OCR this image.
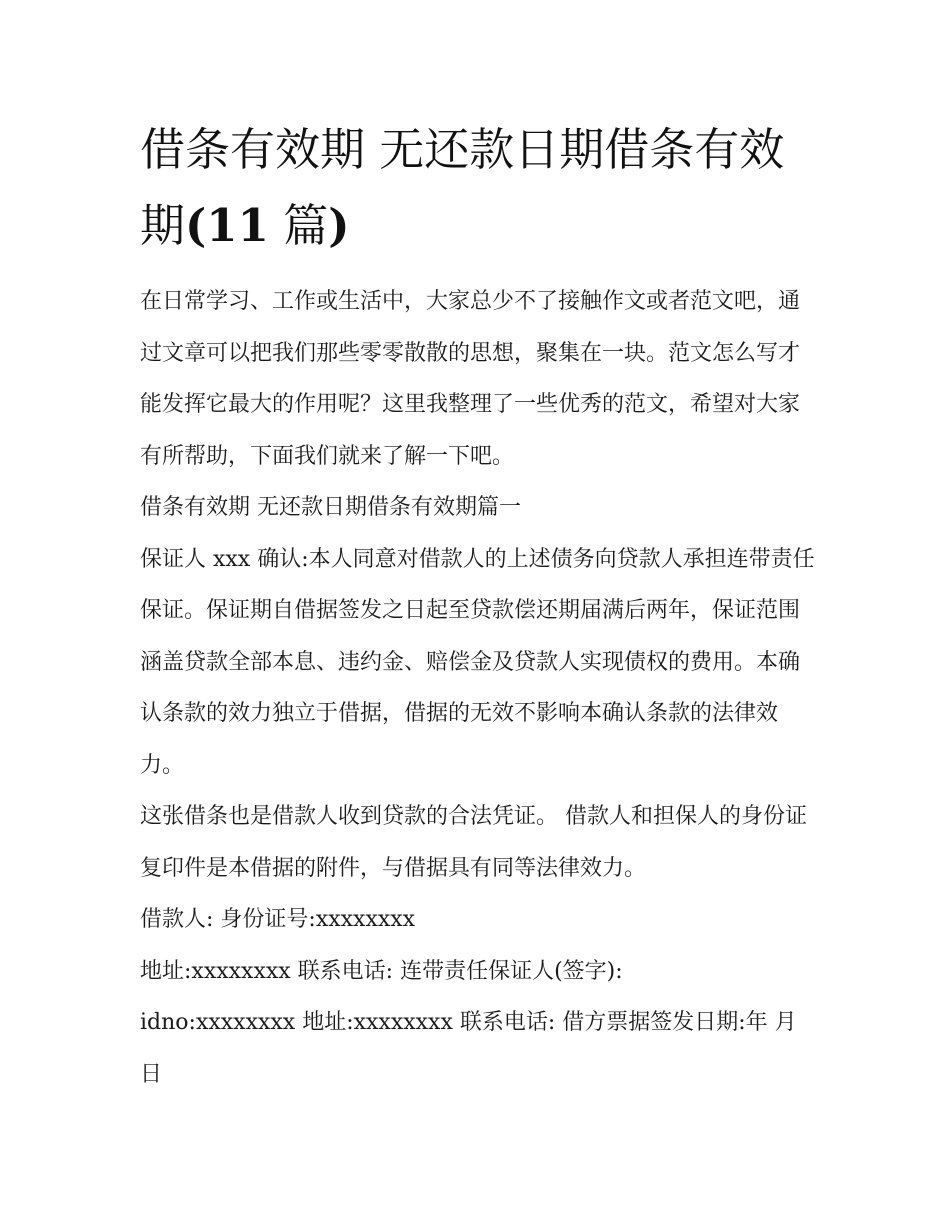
借条有效期 无还款日期借条有效期(11 篇)

在日常学习、工作或生活中，大家总少不了接触作文或者范文吧，通过文章可以把我们那些零零散散的思想，聚集在一块。范文怎么写才能发挥它最大的作用呢？这里我整理了一些优秀的范文，希望对大家有所帮助，下面我们就来了解一下吧。

借条有效期 无还款日期借条有效期篇一

保证人 xxx 确认:本人同意对借款人的上述债务向贷款人承担连带责任保证。保证期自借据签发之日起至贷款偿还期届满后两年，保证范围涵盖贷款全部本息、违约金、赔偿金及贷款人实现债权的费用。本确认条款的效力独立于借据，借据的无效不影响本确认条款的法律效力。

这张借条也是借款人收到贷款的合法凭证。 借款人和担保人的身份证复印件是本借据的附件，与借据具有同等法律效力。

借款人: 身份证号:xxxxxxxx

地址:xxxxxxxx 联系电话: 连带责任保证人(签字):

idno:xxxxxxxx 地址:xxxxxxxx 联系电话: 借方票据签发日期:年 月 日
